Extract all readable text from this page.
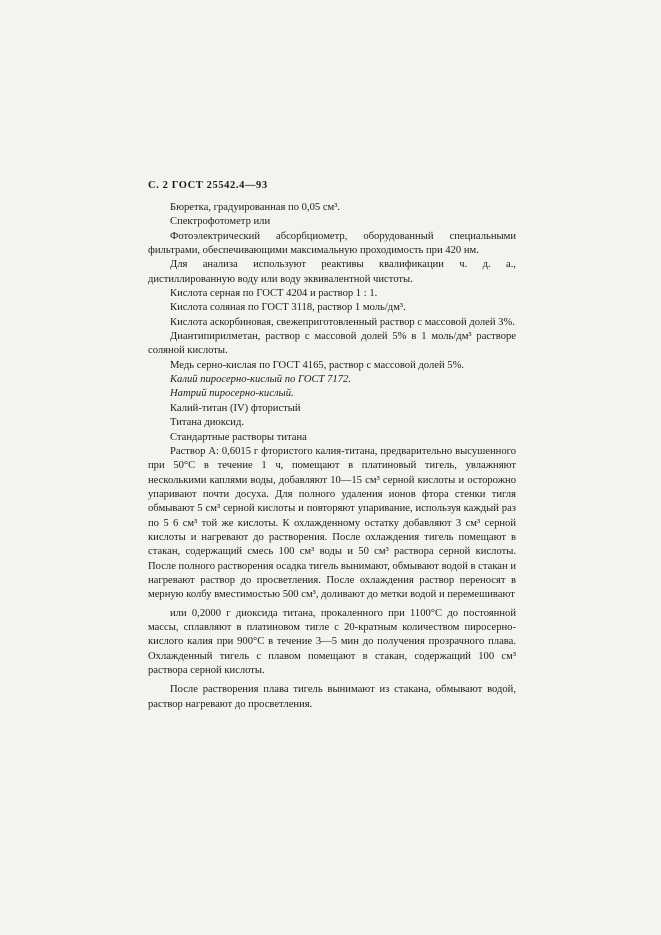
С. 2 ГОСТ 25542.4—93

Бюретка, градуированная по 0,05 см³.

Спектрофотометр или

Фотоэлектрический абсорбциометр, оборудованный специальными фильтрами, обеспечивающими максимальную проходимость при 420 нм.

Для анализа используют реактивы квалификации ч. д. а., дистиллированную воду или воду эквивалентной чистоты.

Кислота серная по ГОСТ 4204 и раствор 1 : 1.

Кислота соляная по ГОСТ 3118, раствор 1 моль/дм³.

Кислота аскорбиновая, свежеприготовленный раствор с массовой долей 3%.

Диантипирилметан, раствор с массовой долей 5% в 1 моль/дм³ растворе соляной кислоты.

Медь серно-кислая по ГОСТ 4165, раствор с массовой долей 5%.

Калий пиросерно-кислый по ГОСТ 7172.

Натрий пиросерно-кислый.

Калий-титан (IV) фтористый

Титана диоксид.

Стандартные растворы титана

Раствор А: 0,6015 г фтористого калия-титана, предварительно высушенного при 50°С в течение 1 ч, помещают в платиновый тигель, увлажняют несколькими каплями воды, добавляют 10—15 см³ серной кислоты и осторожно упаривают почти досуха. Для полного удаления ионов фтора стенки тигля обмывают 5 см³ серной кислоты и повторяют упаривание, используя каждый раз по 5 6 см³ той же кислоты. К охлажденному остатку добавляют 3 см³ серной кислоты и нагревают до растворения. После охлаждения тигель помещают в стакан, содержащий смесь 100 см³ воды и 50 см³ раствора серной кислоты. После полного растворения осадка тигель вынимают, обмывают водой в стакан и нагревают раствор до просветления. После охлаждения раствор переносят в мерную колбу вместимостью 500 см³, доливают до метки водой и перемешивают

или 0,2000 г диоксида титана, прокаленного при 1100°С до постоянной массы, сплавляют в платиновом тигле с 20-кратным количеством пиросерно-кислого калия при 900°С в течение 3—5 мин до получения прозрачного плава. Охлажденный тигель с плавом помещают в стакан, содержащий 100 см³ раствора серной кислоты.

После растворения плава тигель вынимают из стакана, обмывают водой, раствор нагревают до просветления.
